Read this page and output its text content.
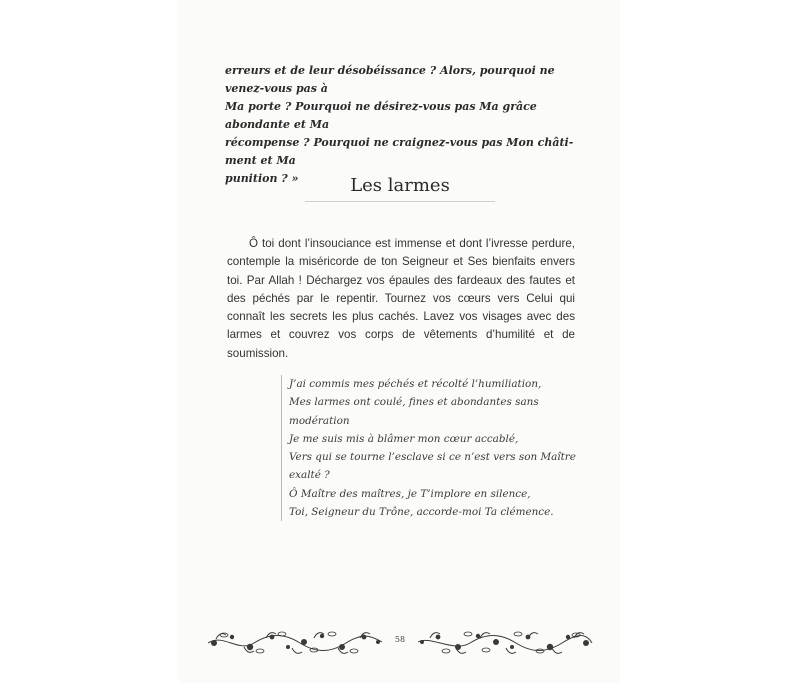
erreurs et de leur désobéissance ? Alors, pourquoi ne venez-vous pas à

Ma porte ? Pourquoi ne désirez-vous pas Ma grâce abondante et Ma

récompense ? Pourquoi ne craignez-vous pas Mon châti-ment et Ma

punition ? »	Les larmes

Ô toi dont l’insouciance est immense et dont l’ivresse perdure, contemple la miséricorde de ton Seigneur et Ses bienfaits envers toi. Par Allah ! Déchargez vos épaules des fardeaux des fautes et des péchés par le repentir. Tournez vos cœurs vers Celui qui connaît les secrets les plus cachés. Lavez vos visages avec des larmes et couvrez vos corps de vêtements d’humilité et de soumission.

J’ai commis mes péchés et récolté l’humiliation,
Mes larmes ont coulé, fines et abondantes sans
modération
Je me suis mis à blâmer mon cœur accablé,
Vers qui se tourne l’esclave si ce n’est vers son Maître
exalté ?
Ô Maître des maîtres, je T’implore en silence,
Toi, Seigneur du Trône, accorde-moi Ta clémence.
58
